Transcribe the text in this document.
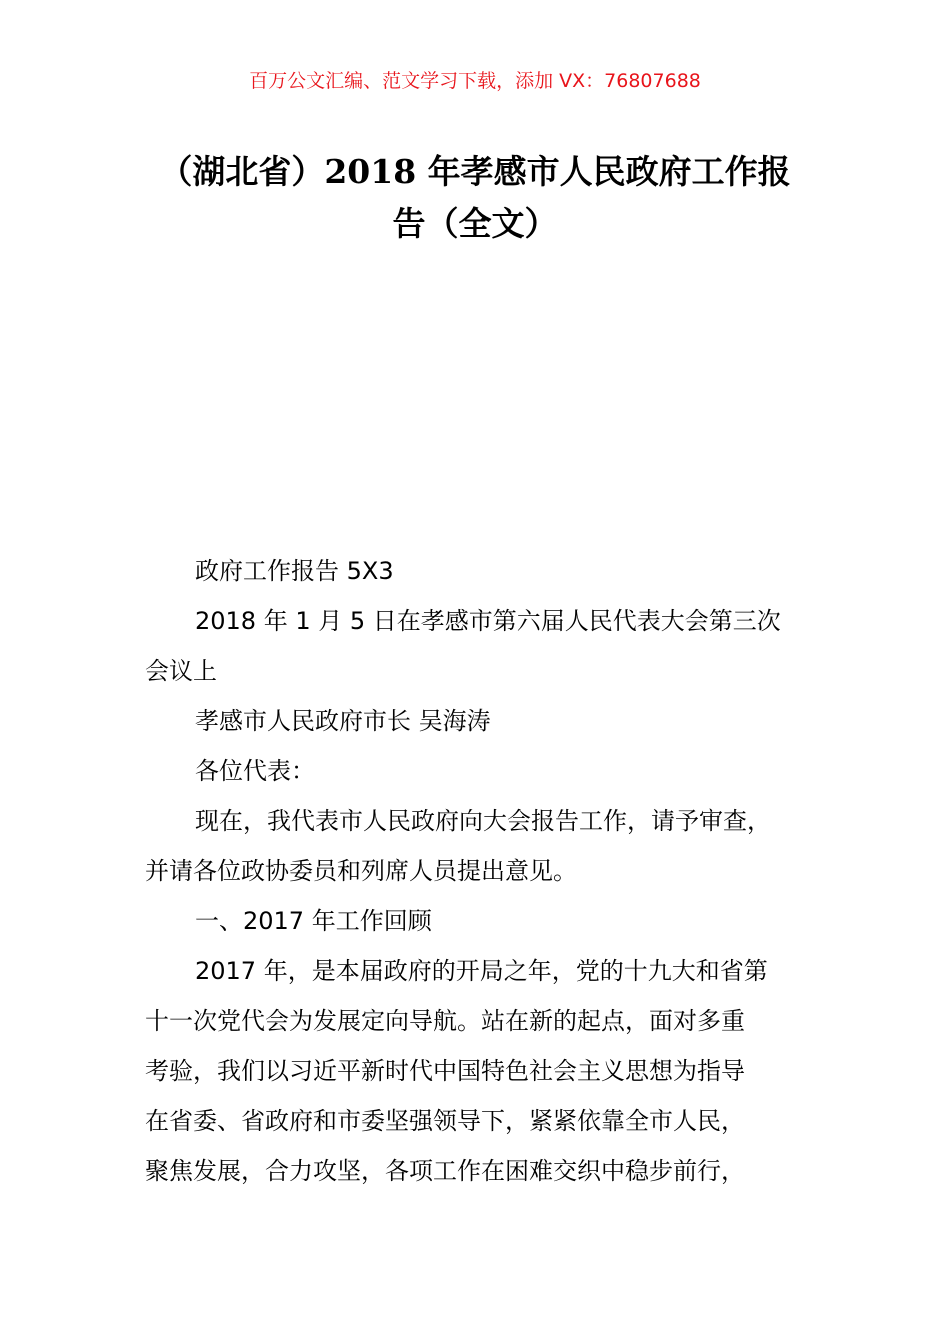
百万公文汇编、范文学习下载，添加 VX：76807688
（湖北省）2018 年孝感市人民政府工作报
告（全文）
政府工作报告 5X3
2018 年 1 月 5 日在孝感市第六届人民代表大会第三次
会议上
孝感市人民政府市长 吴海涛
各位代表：
现在，我代表市人民政府向大会报告工作，请予审查，
并请各位政协委员和列席人员提出意见。
一、2017 年工作回顾
2017 年，是本届政府的开局之年，党的十九大和省第
十一次党代会为发展定向导航。站在新的起点，面对多重
考验，我们以习近平新时代中国特色社会主义思想为指导
在省委、省政府和市委坚强领导下，紧紧依靠全市人民，
聚焦发展，合力攻坚，各项工作在困难交织中稳步前行，
